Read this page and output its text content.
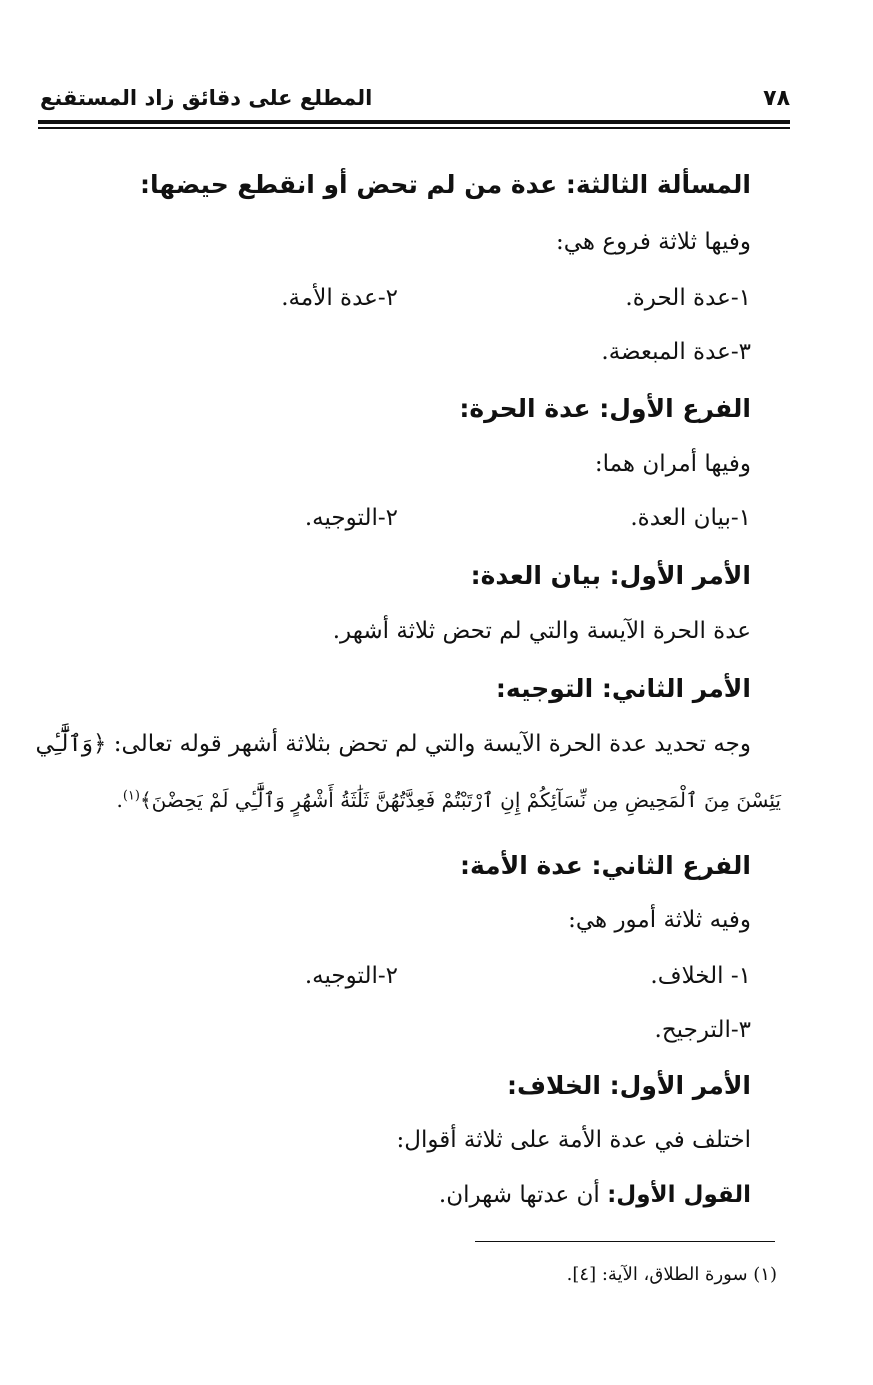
٧٨
المطلع على دقائق زاد المستقنع
المسألة الثالثة: عدة من لم تحض أو انقطع حيضها:
وفيها ثلاثة فروع هي:
١-عدة الحرة.
٢-عدة الأمة.
٣-عدة المبعضة.
الفرع الأول: عدة الحرة:
وفيها أمران هما:
١-بيان العدة.
٢-التوجيه.
الأمر الأول: بيان العدة:
عدة الحرة الآيسة والتي لم تحض ثلاثة أشهر.
الأمر الثاني: التوجيه:
وجه تحديد عدة الحرة الآيسة والتي لم تحض بثلاثة أشهر قوله تعالى: ﴿وَٱلَّٰٓـِٔي
يَئِسْنَ مِنَ ٱلْمَحِيضِ مِن نِّسَآئِكُمْ إِنِ ٱرْتَبْتُمْ فَعِدَّتُهُنَّ ثَلَٰثَةُ أَشْهُرٍ وَٱلَّٰٓـِٔي لَمْ يَحِضْنَ﴾$^{(١)}$.
الفرع الثاني: عدة الأمة:
وفيه ثلاثة أمور هي:
١- الخلاف.
٢-التوجيه.
٣-الترجيح.
الأمر الأول: الخلاف:
اختلف في عدة الأمة على ثلاثة أقوال:
القول الأول: أن عدتها شهران.
(١) سورة الطلاق، الآية: [٤].
